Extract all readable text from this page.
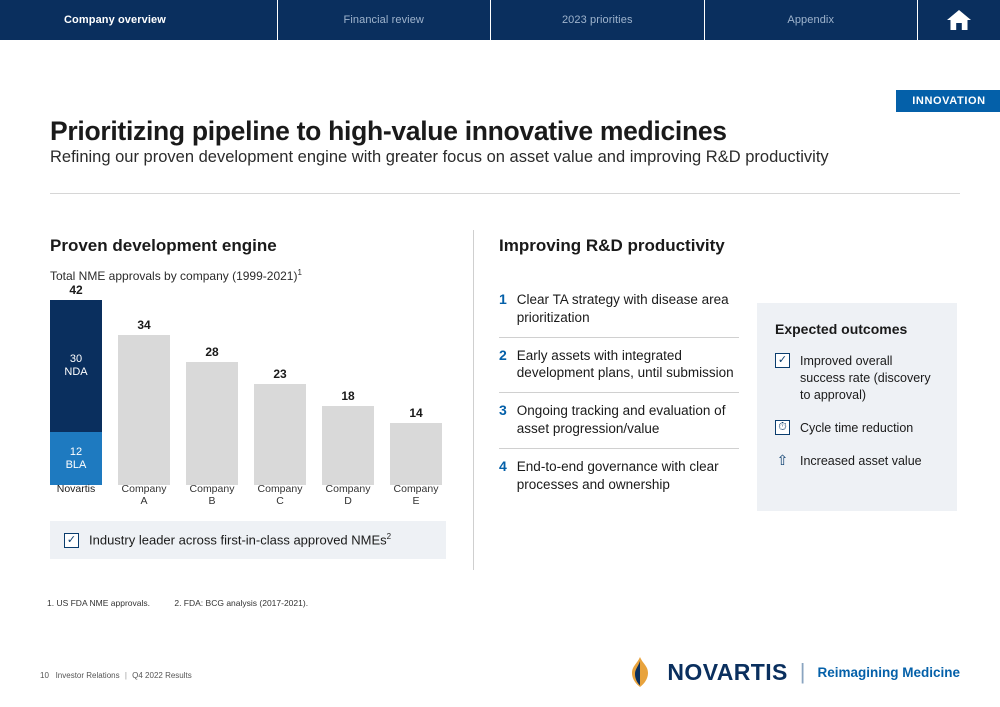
Company overview	Financial review	2023 priorities	Appendix
INNOVATION
Prioritizing pipeline to high-value innovative medicines
Refining our proven development engine with greater focus on asset value and improving R&D productivity
Proven development engine
Total NME approvals by company (1999-2021)$^1$
42
30
NDA
12
BLA
34
28
23
18
14
Novartis	Company A
Company B
Company C
Company D
Company E
✓ Industry leader across first-in-class approved NMEs$^2$
Improving R&D productivity
1 Clear TA strategy with disease area prioritization
2 Early assets with integrated development plans, until submission
3 Ongoing tracking and evaluation of asset progression/value
4 End-to-end governance with clear processes and ownership
Expected outcomes
✓ Improved overall success rate (discovery to approval)
⏱ Cycle time reduction
⇧ Increased asset value
1. US FDA NME approvals.	2. FDA: BCG analysis (2017-2021).
10 Investor Relations | Q4 2022 Results	NOVARTIS | Reimagining Medicine
